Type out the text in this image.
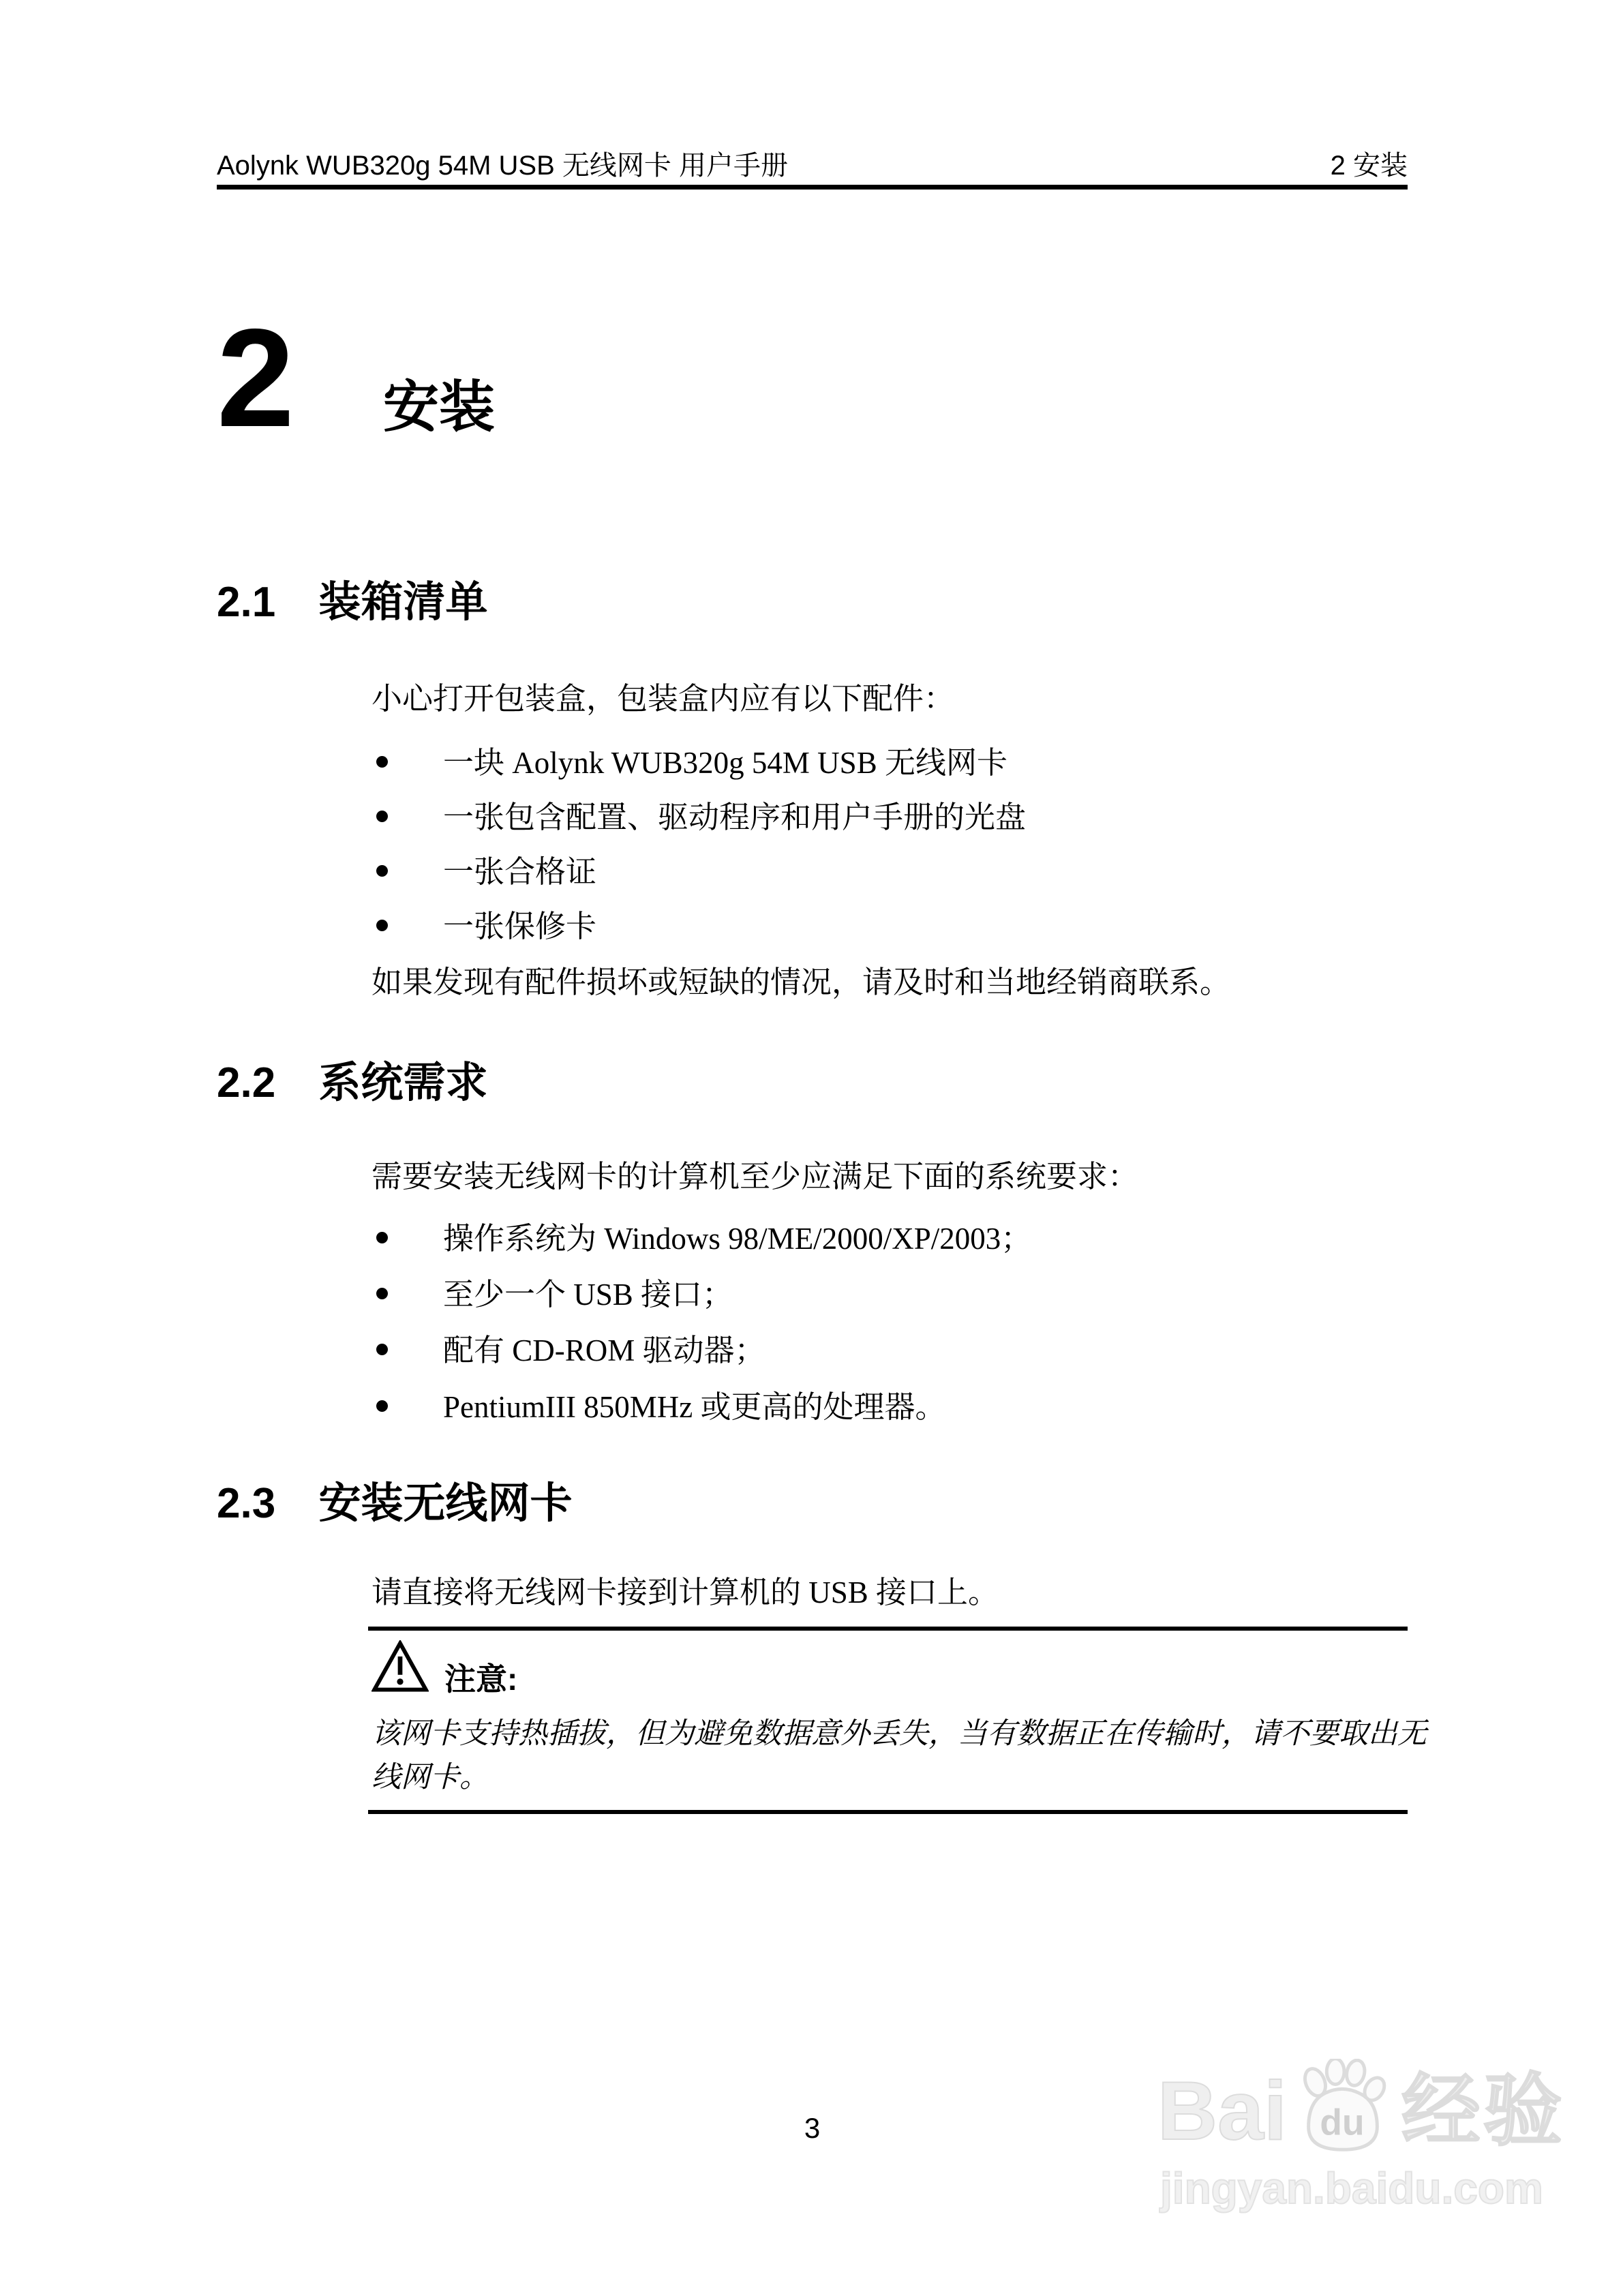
Aolynk WUB320g 54M USB 无线网卡 用户手册	2 安装
2 安装
2.1 装箱清单
小心打开包装盒，包装盒内应有以下配件：
一块 Aolynk WUB320g 54M USB 无线网卡
一张包含配置、驱动程序和用户手册的光盘
一张合格证
一张保修卡
如果发现有配件损坏或短缺的情况，请及时和当地经销商联系。
2.2 系统需求
需要安装无线网卡的计算机至少应满足下面的系统要求：
操作系统为 Windows 98/ME/2000/XP/2003；
至少一个 USB 接口；
配有 CD-ROM 驱动器；
PentiumIII 850MHz 或更高的处理器。
2.3 安装无线网卡
请直接将无线网卡接到计算机的 USB 接口上。
注意:
该网卡支持热插拔，但为避免数据意外丢失，当有数据正在传输时，请不要取出无线网卡。
3	Bai du 经验
jingyan.baidu.com
